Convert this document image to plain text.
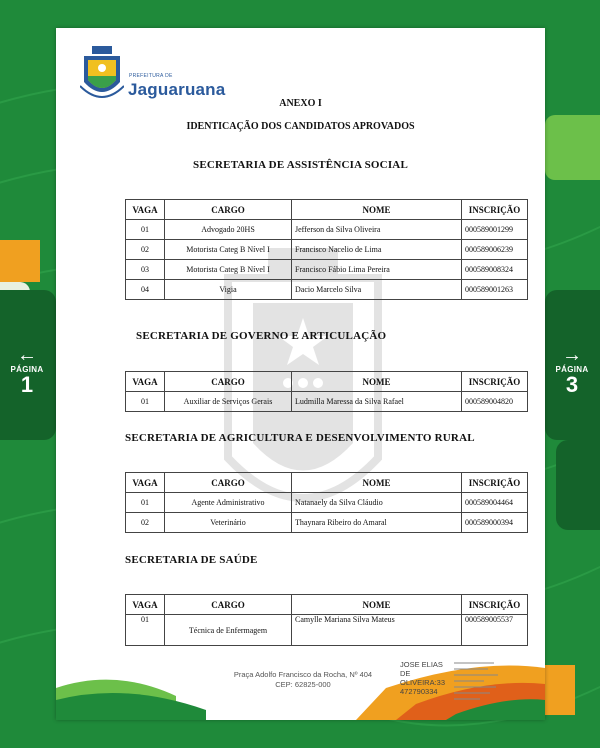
←
PÁGINA
1
→
PÁGINA
3
PREFEITURA DE
Jaguaruana
ANEXO I
IDENTICAÇÃO DOS CANDIDATOS APROVADOS
SECRETARIA DE ASSISTÊNCIA SOCIAL
VAGA	CARGO	NOME	INSCRIÇÃO
01	Advogado 20HS	Jefferson da Silva Oliveira	000589001299
02	Motorista Categ B Nível I	Francisco Nacelio de Lima	000589006239
03	Motorista Categ B Nível I	Francisco Fábio Lima Pereira	000589008324
04	Vigia	Dacio Marcelo Silva	000589001263
SECRETARIA DE GOVERNO E ARTICULAÇÃO
VAGA	CARGO	NOME	INSCRIÇÃO
01	Auxiliar de Serviços Gerais	Ludmilla Maressa da Silva Rafael	000589004820
SECRETARIA DE AGRICULTURA E DESENVOLVIMENTO RURAL
VAGA	CARGO	NOME	INSCRIÇÃO
01	Agente Administrativo	Natanaely da Silva Cláudio	000589004464
02	Veterinário	Thaynara Ribeiro do Amaral	000589000394
SECRETARIA DE SAÚDE
VAGA	CARGO	NOME	INSCRIÇÃO
01	Técnica de Enfermagem	Camylle Mariana Silva Mateus	000589005537
Praça Adolfo Francisco da Rocha, Nº 404
CEP: 62825-000
JOSE ELIAS
DE
OLIVEIRA:33
472790334
